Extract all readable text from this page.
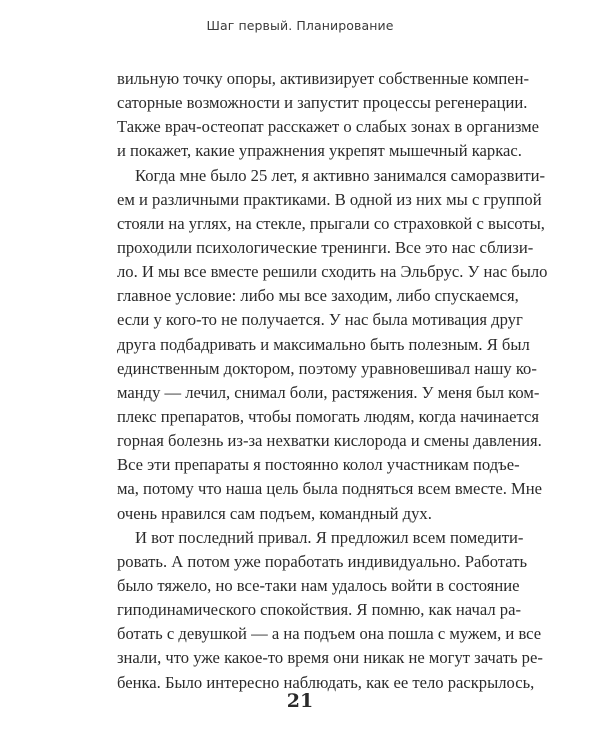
Шаг первый. Планирование
вильную точку опоры, активизирует собственные компен-
саторные возможности и запустит процессы регенерации.
Также врач-остеопат расскажет о слабых зонах в организме
и покажет, какие упражнения укрепят мышечный каркас.
Когда мне было 25 лет, я активно занимался саморазвити-
ем и различными практиками. В одной из них мы с группой
стояли на углях, на стекле, прыгали со страховкой с высоты,
проходили психологические тренинги. Все это нас сблизи-
ло. И мы все вместе решили сходить на Эльбрус. У нас было
главное условие: либо мы все заходим, либо спускаемся,
если у кого-то не получается. У нас была мотивация друг
друга подбадривать и максимально быть полезным. Я был
единственным доктором, поэтому уравновешивал нашу ко-
манду — лечил, снимал боли, растяжения. У меня был ком-
плекс препаратов, чтобы помогать людям, когда начинается
горная болезнь из-за нехватки кислорода и смены давления.
Все эти препараты я постоянно колол участникам подъе-
ма, потому что наша цель была подняться всем вместе. Мне
очень нравился сам подъем, командный дух.
И вот последний привал. Я предложил всем помедити-
ровать. А потом уже поработать индивидуально. Работать
было тяжело, но все-таки нам удалось войти в состояние
гиподинамического спокойствия. Я помню, как начал ра-
ботать с девушкой — а на подъем она пошла с мужем, и все
знали, что уже какое-то время они никак не могут зачать ре-
бенка. Было интересно наблюдать, как ее тело раскрылось,
21
